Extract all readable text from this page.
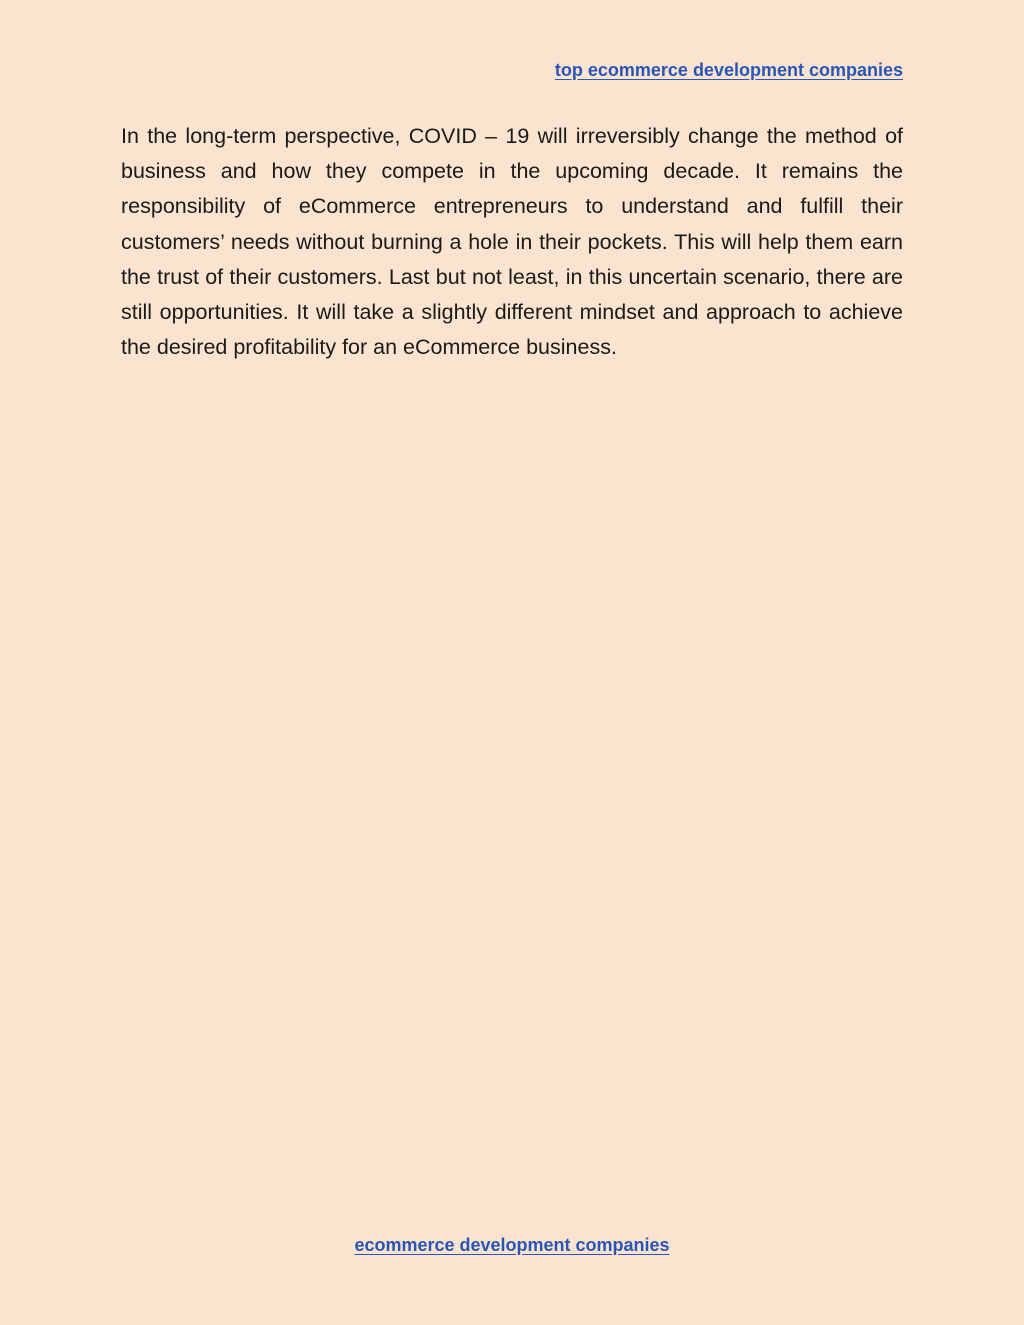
top ecommerce development companies

In the long-term perspective, COVID – 19 will irreversibly change the method of business and how they compete in the upcoming decade. It remains the responsibility of eCommerce entrepreneurs to understand and fulfill their customers’ needs without burning a hole in their pockets. This will help them earn the trust of their customers. Last but not least, in this uncertain scenario, there are still opportunities. It will take a slightly different mindset and approach to achieve the desired profitability for an eCommerce business.

ecommerce development companies
